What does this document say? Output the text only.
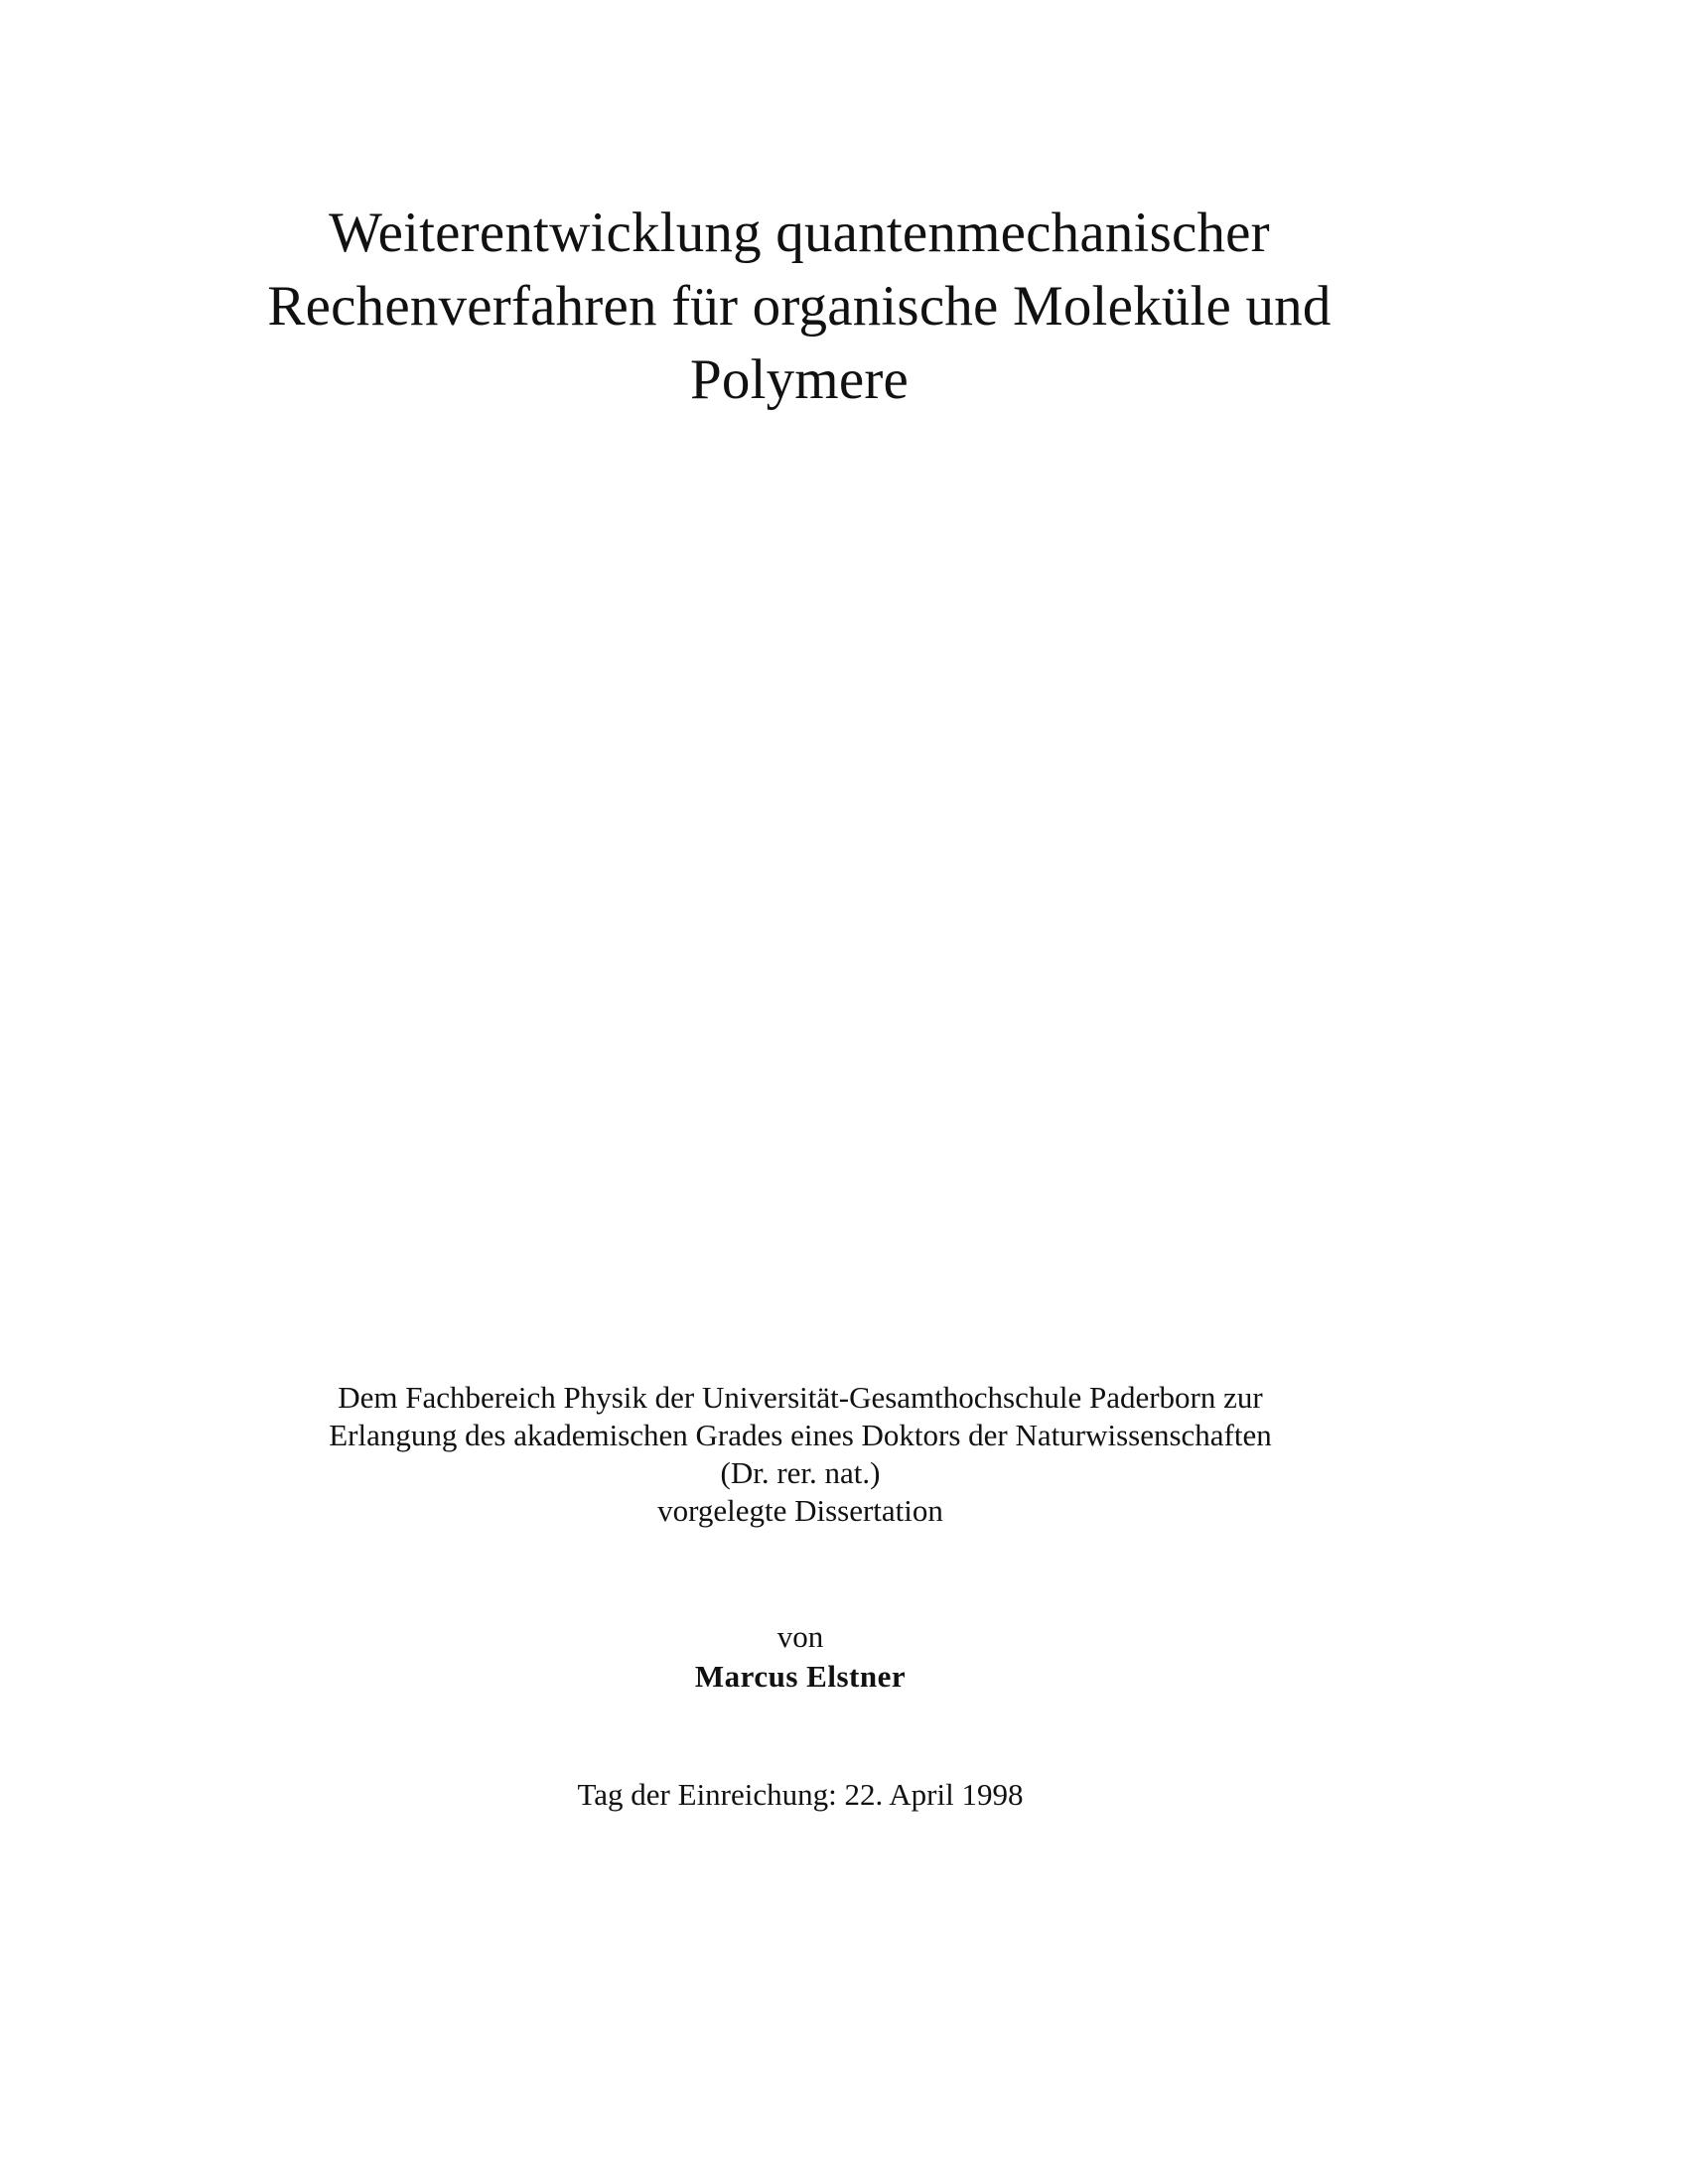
Weiterentwicklung quantenmechanischer
Rechenverfahren für organische Moleküle und
Polymere
Dem Fachbereich Physik der Universität-Gesamthochschule Paderborn zur
Erlangung des akademischen Grades eines Doktors der Naturwissenschaften
(Dr. rer. nat.)
vorgelegte Dissertation
von
Marcus Elstner
Tag der Einreichung: 22. April 1998
